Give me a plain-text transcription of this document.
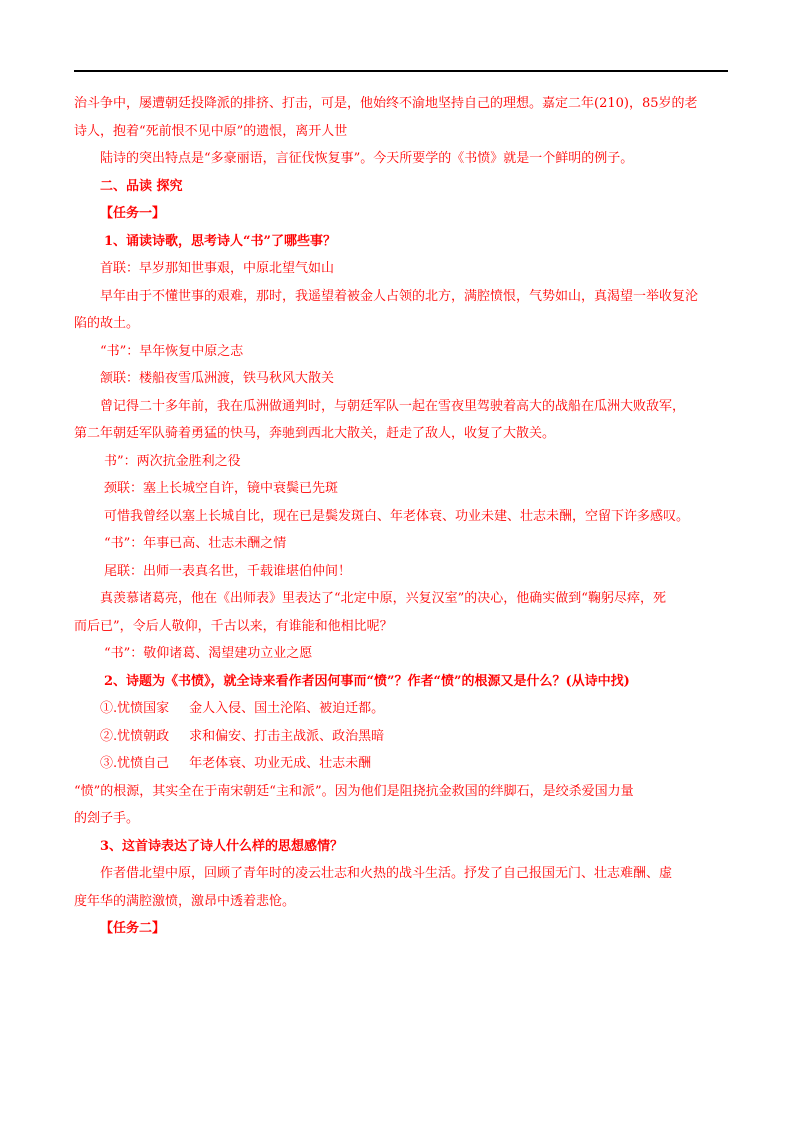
治斗争中，屡遭朝廷投降派的排挤、打击，可是，他始终不渝地坚持自己的理想。嘉定二年(210)，85岁的老

诗人，抱着“死前恨不见中原”的遗恨，离开人世

陆诗的突出特点是“多豪丽语，言征伐恢复事”。今天所要学的《书愤》就是一个鲜明的例子。

二、品读 探究

【任务一】

1、诵读诗歌，思考诗人“书”了哪些事？

首联：早岁那知世事艰，中原北望气如山

早年由于不懂世事的艰难，那时，我遥望着被金人占领的北方，满腔愤恨，气势如山，真渴望一举收复沦

陷的故土。

“书”：早年恢复中原之志

颔联：楼船夜雪瓜洲渡，铁马秋风大散关

曾记得二十多年前，我在瓜洲做通判时，与朝廷军队一起在雪夜里驾驶着高大的战船在瓜洲大败敌军，

第二年朝廷军队骑着勇猛的快马，奔驰到西北大散关，赶走了敌人，收复了大散关。

书”：两次抗金胜利之役

颈联：塞上长城空自许，镜中衰鬓已先斑

可惜我曾经以塞上长城自比，现在已是鬓发斑白、年老体衰、功业未建、壮志未酬，空留下许多感叹。

“书”：年事已高、壮志未酬之情

尾联：出师一表真名世，千载谁堪伯仲间！

真羡慕诸葛亮，他在《出师表》里表达了“北定中原，兴复汉室”的决心，他确实做到“鞠躬尽瘁，死

而后已”，令后人敬仰，千古以来，有谁能和他相比呢？

“书”：敬仰诸葛、渴望建功立业之愿

2、诗题为《书愤》，就全诗来看作者因何事而“愤”？作者“愤”的根源又是什么？(从诗中找)

①.忧愤国家 金人入侵、国土沦陷、被迫迁都。

②.忧愤朝政 求和偏安、打击主战派、政治黑暗

③.忧愤自己 年老体衰、功业无成、壮志未酬

“愤”的根源，其实全在于南宋朝廷“主和派”。因为他们是阻挠抗金救国的绊脚石，是绞杀爱国力量

的刽子手。

3、这首诗表达了诗人什么样的思想感情？

作者借北望中原，回顾了青年时的凌云壮志和火热的战斗生活。抒发了自己报国无门、壮志难酬、虚

度年华的满腔激愤，激昂中透着悲怆。

【任务二】
